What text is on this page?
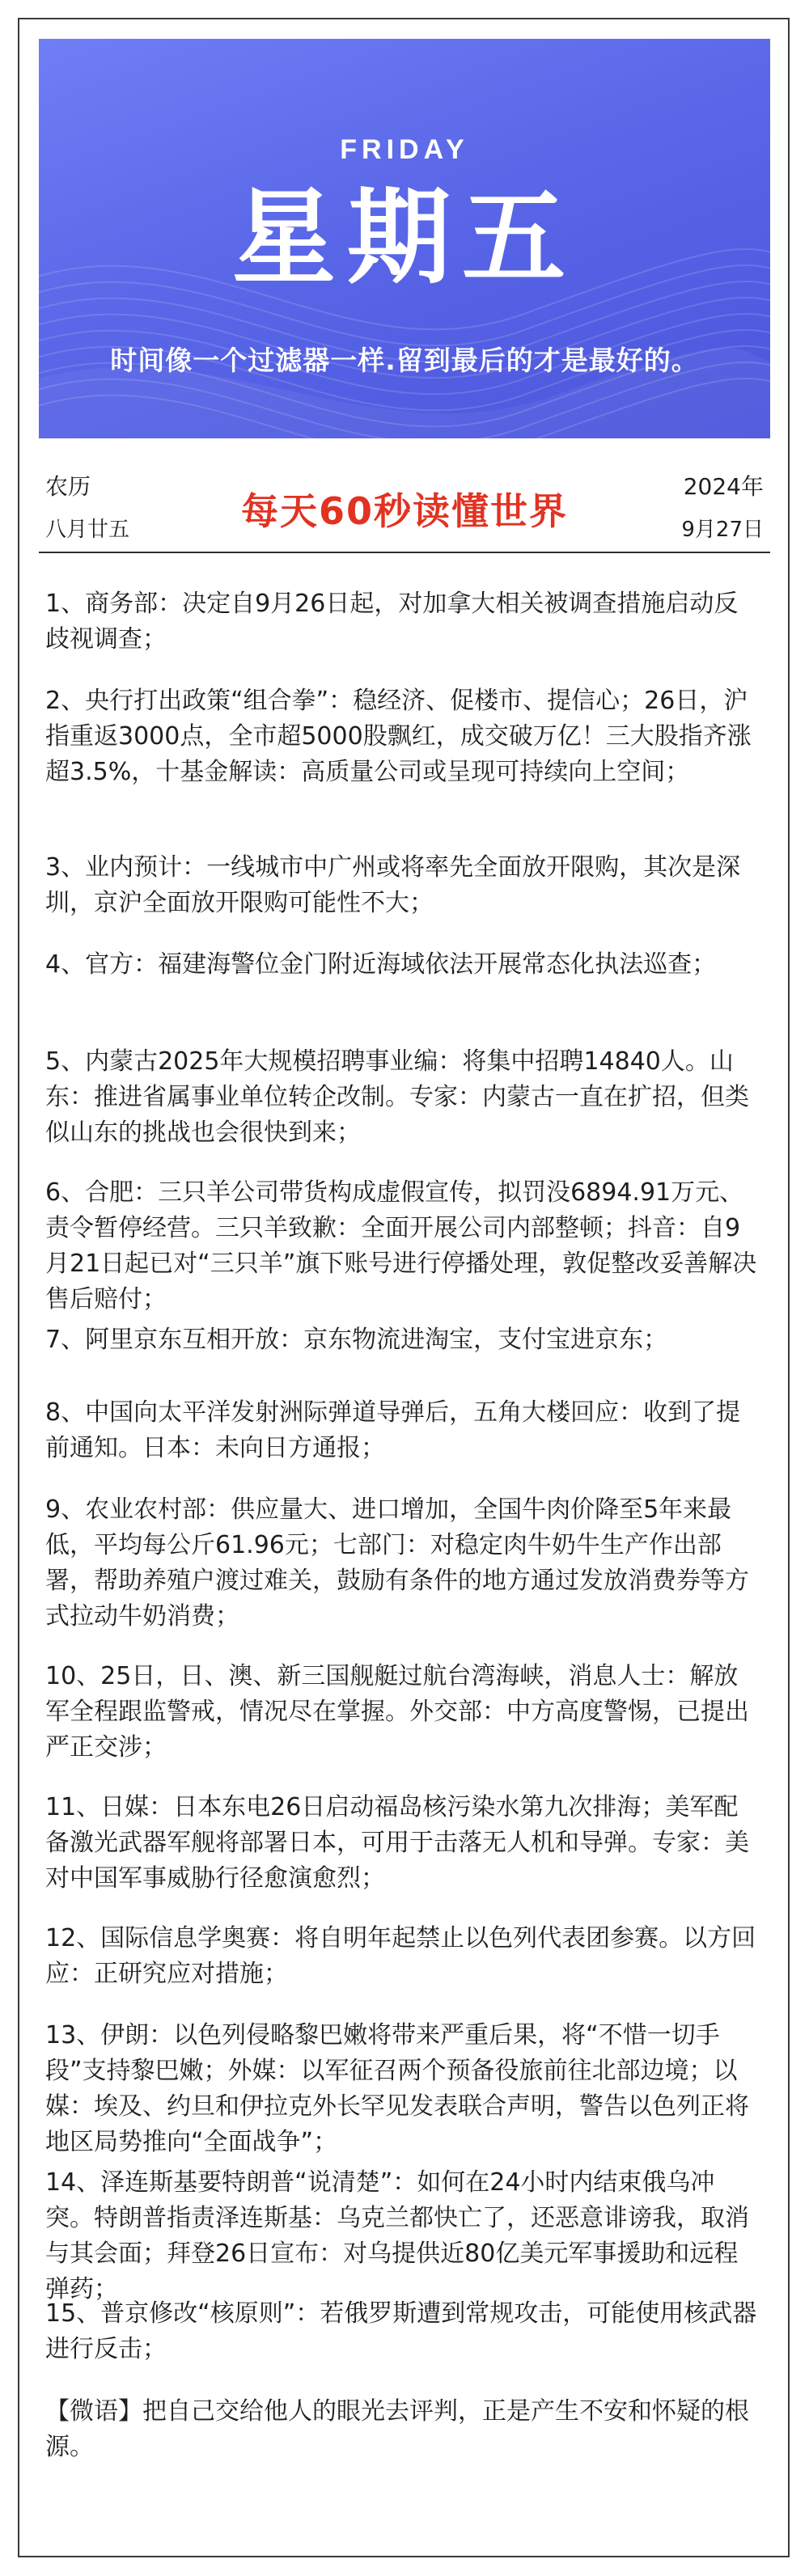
FRIDAY
星期五
时间像一个过滤器一样.留到最后的才是最好的。
农历
八月廿五	每天60秒读懂世界
2024年
9月27日

1、商务部：决定自9月26日起，对加拿大相关被调查措施启动反歧视调查；

2、央行打出政策“组合拳”：稳经济、促楼市、提信心；26日，沪指重返3000点，全市超5000股飘红，成交破万亿！三大股指齐涨超3.5%，十基金解读：高质量公司或呈现可持续向上空间；

3、业内预计：一线城市中广州或将率先全面放开限购，其次是深圳，京沪全面放开限购可能性不大；

4、官方：福建海警位金门附近海域依法开展常态化执法巡查；

5、内蒙古2025年大规模招聘事业编：将集中招聘14840人。山东：推进省属事业单位转企改制。专家：内蒙古一直在扩招，但类似山东的挑战也会很快到来；

6、合肥：三只羊公司带货构成虚假宣传，拟罚没6894.91万元、责令暂停经营。三只羊致歉：全面开展公司内部整顿；抖音：自9月21日起已对“三只羊”旗下账号进行停播处理，敦促整改妥善解决售后赔付；

7、阿里京东互相开放：京东物流进淘宝，支付宝进京东；

8、中国向太平洋发射洲际弹道导弹后，五角大楼回应：收到了提前通知。日本：未向日方通报；

9、农业农村部：供应量大、进口增加，全国牛肉价降至5年来最低，平均每公斤61.96元；七部门：对稳定肉牛奶牛生产作出部署，帮助养殖户渡过难关，鼓励有条件的地方通过发放消费券等方式拉动牛奶消费；

10、25日，日、澳、新三国舰艇过航台湾海峡，消息人士：解放军全程跟监警戒，情况尽在掌握。外交部：中方高度警惕，已提出严正交涉；

11、日媒：日本东电26日启动福岛核污染水第九次排海；美军配备激光武器军舰将部署日本，可用于击落无人机和导弹。专家：美对中国军事威胁行径愈演愈烈；

12、国际信息学奥赛：将自明年起禁止以色列代表团参赛。以方回应：正研究应对措施；

13、伊朗：以色列侵略黎巴嫩将带来严重后果，将“不惜一切手段”支持黎巴嫩；外媒：以军征召两个预备役旅前往北部边境；以媒：埃及、约旦和伊拉克外长罕见发表联合声明，警告以色列正将地区局势推向“全面战争”；

14、泽连斯基要特朗普“说清楚”：如何在24小时内结束俄乌冲突。特朗普指责泽连斯基：乌克兰都快亡了，还恶意诽谤我，取消与其会面；拜登26日宣布：对乌提供近80亿美元军事援助和远程弹药；

15、普京修改“核原则”：若俄罗斯遭到常规攻击，可能使用核武器进行反击；

【微语】把自己交给他人的眼光去评判，正是产生不安和怀疑的根源。
